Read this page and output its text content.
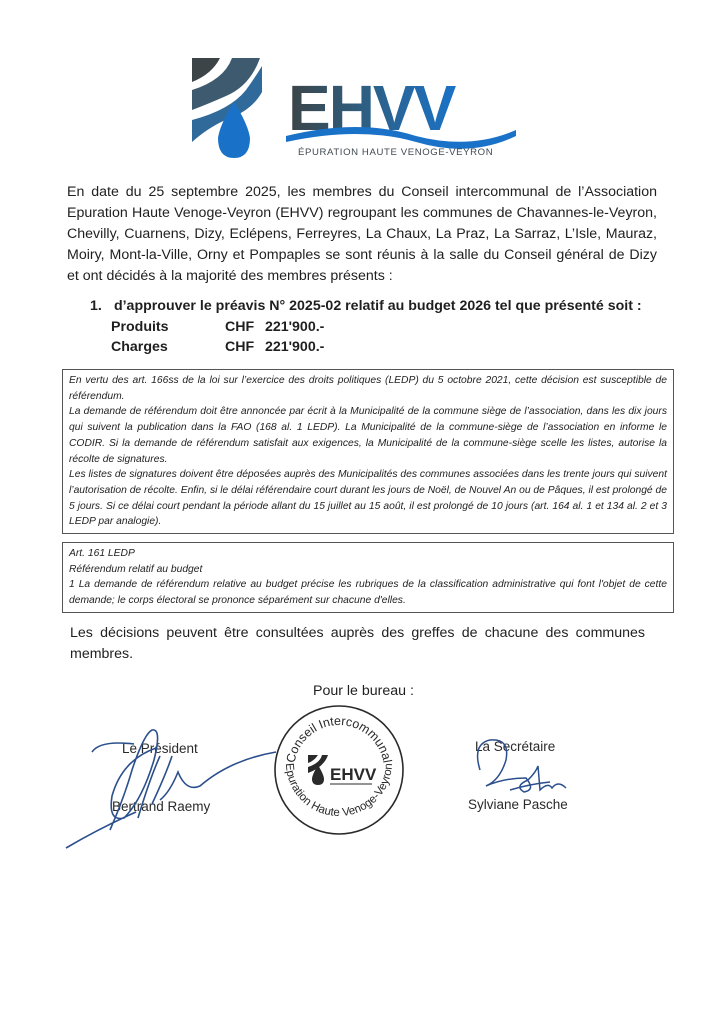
EHVV
ÉPURATION HAUTE VENOGE-VEYRON
En date du 25 septembre 2025, les membres du Conseil intercommunal de l’Association Epuration Haute Venoge-Veyron (EHVV) regroupant les communes de Chavannes-le-Veyron, Chevilly, Cuarnens, Dizy, Eclépens, Ferreyres, La Chaux, La Praz, La Sarraz, L’Isle, Mauraz, Moiry, Mont-la-Ville, Orny et Pompaples se sont réunis à la salle du Conseil général de Dizy et ont décidés à la majorité des membres présents :
1. d’approuver le préavis N° 2025-02 relatif au budget 2026 tel que présenté soit :
Produits	CHF 221'900.-
Charges	CHF 221'900.-

En vertu des art. 166ss de la loi sur l’exercice des droits politiques (LEDP) du 5 octobre 2021, cette décision est susceptible de référendum.

La demande de référendum doit être annoncée par écrit à la Municipalité de la commune siège de l’association, dans les dix jours qui suivent la publication dans la FAO (168 al. 1 LEDP). La Municipalité de la commune-siège de l’association en informe le CODIR. Si la demande de référendum satisfait aux exigences, la Municipalité de la commune-siège scelle les listes, autorise la récolte de signatures.

Les listes de signatures doivent être déposées auprès des Municipalités des communes associées dans les trente jours qui suivent l’autorisation de récolte. Enfin, si le délai référendaire court durant les jours de Noël, de Nouvel An ou de Pâques, il est prolongé de 5 jours. Si ce délai court pendant la période allant du 15 juillet au 15 août, il est prolongé de 10 jours (art. 164 al. 1 et 134 al. 2 et 3 LEDP par analogie).

Art. 161 LEDP

Référendum relatif au budget

1 La demande de référendum relative au budget précise les rubriques de la classification administrative qui font l'objet de cette demande; le corps électoral se prononce séparément sur chacune d'elles.

Les décisions peuvent être consultées auprès des greffes de chacune des communes membres.
Pour le bureau :
Le Président
Bertrand Raemy
La Secrétaire
Sylviane Pasche
Conseil Intercommunal
Epuration Haute Venoge-Veyron
EHVV
